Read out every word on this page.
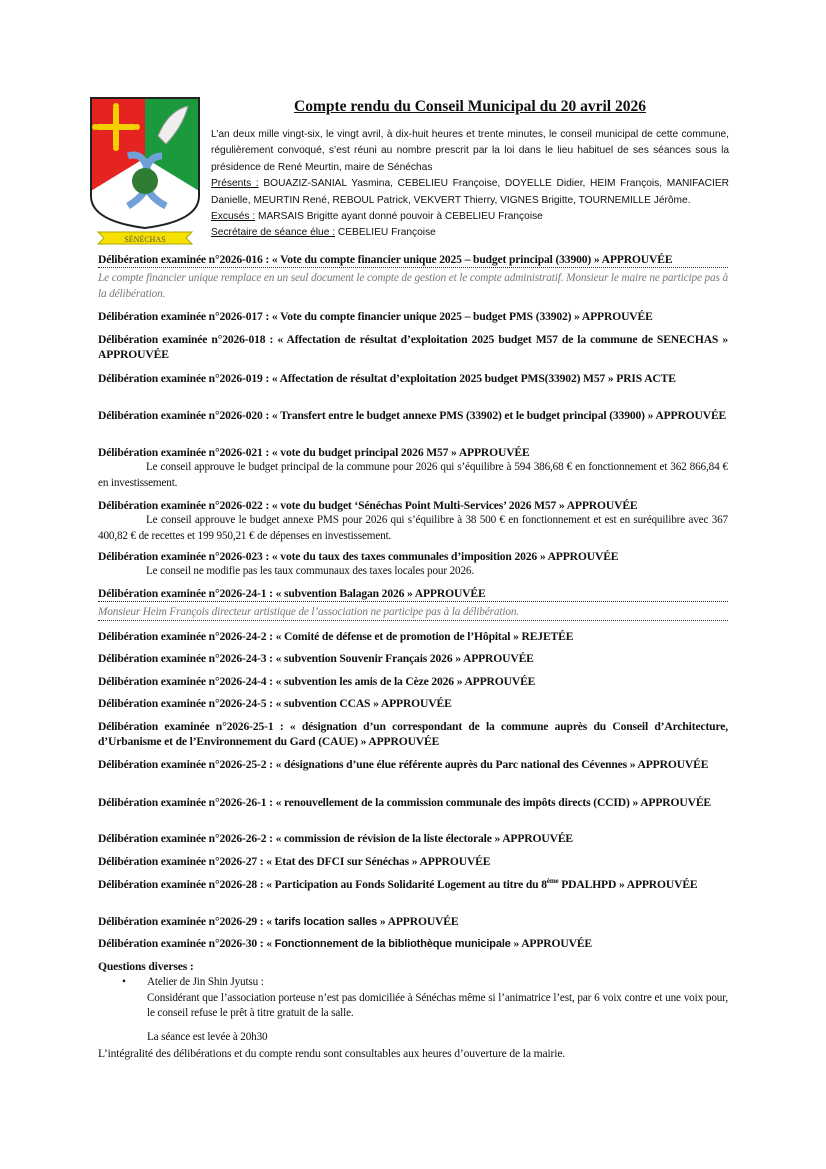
SÉNÉCHAS
Compte rendu du Conseil Municipal du 20 avril 2026
L’an deux mille vingt-six, le vingt avril, à dix-huit heures et trente minutes, le conseil municipal de cette commune, régulièrement convoqué, s’est réuni au nombre prescrit par la loi dans le lieu habituel de ses séances sous la présidence de René Meurtin, maire de Sénéchas
Présents : BOUAZIZ-SANIAL Yasmina, CEBELIEU Françoise, DOYELLE Didier, HEIM François, MANIFACIER Danielle, MEURTIN René, REBOUL Patrick, VEKVERT Thierry, VIGNES Brigitte, TOURNEMILLE Jérôme.
Excusés : MARSAIS Brigitte ayant donné pouvoir à CEBELIEU Françoise
Secrétaire de séance élue : CEBELIEU Françoise
Délibération examinée n°2026-016 : « Vote du compte financier unique 2025 – budget principal (33900) » APPROUVÉE
Le compte financier unique remplace en un seul document le compte de gestion et le compte administratif. Monsieur le maire ne participe pas à la délibération.
Délibération examinée n°2026-017 : « Vote du compte financier unique 2025 – budget PMS (33902) » APPROUVÉE
Délibération examinée n°2026-018 : « Affectation de résultat d’exploitation 2025 budget M57 de la commune de SENECHAS » APPROUVÉE
Délibération examinée n°2026-019 : « Affectation de résultat d’exploitation 2025 budget PMS(33902) M57 » PRIS ACTE
Délibération examinée n°2026-020 : « Transfert entre le budget annexe PMS (33902) et le budget principal (33900) » APPROUVÉE
Délibération examinée n°2026-021 : « vote du budget principal 2026 M57 » APPROUVÉE
Le conseil approuve le budget principal de la commune pour 2026 qui s’équilibre à 594 386,68 € en fonctionnement et 362 866,84 € en investissement.
Délibération examinée n°2026-022 : « vote du budget ‘Sénéchas Point Multi-Services’ 2026 M57 » APPROUVÉE
Le conseil approuve le budget annexe PMS pour 2026 qui s’équilibre à 38 500 € en fonctionnement et est en suréquilibre avec 367 400,82 € de recettes et 199 950,21 € de dépenses en investissement.
Délibération examinée n°2026-023 : « vote du taux des taxes communales d’imposition 2026 » APPROUVÉE
Le conseil ne modifie pas les taux communaux des taxes locales pour 2026.
Délibération examinée n°2026-24-1 : « subvention Balagan 2026 » APPROUVÉE
Monsieur Heim François directeur artistique de l’association ne participe pas à la délibération.
Délibération examinée n°2026-24-2 : « Comité de défense et de promotion de l’Hôpital » REJETÉE
Délibération examinée n°2026-24-3 : « subvention Souvenir Français 2026 » APPROUVÉE
Délibération examinée n°2026-24-4 : « subvention les amis de la Cèze 2026 » APPROUVÉE
Délibération examinée n°2026-24-5 : « subvention CCAS » APPROUVÉE
Délibération examinée n°2026-25-1 : « désignation d’un correspondant de la commune auprès du Conseil d’Architecture, d’Urbanisme et de l’Environnement du Gard (CAUE) » APPROUVÉE
Délibération examinée n°2026-25-2 : « désignations d’une élue référente auprès du Parc national des Cévennes » APPROUVÉE
Délibération examinée n°2026-26-1 : « renouvellement de la commission communale des impôts directs (CCID) » APPROUVÉE
Délibération examinée n°2026-26-2 : « commission de révision de la liste électorale » APPROUVÉE
Délibération examinée n°2026-27 : « Etat des DFCI sur Sénéchas » APPROUVÉE
Délibération examinée n°2026-28 : « Participation au Fonds Solidarité Logement au titre du 8ème PDALHPD » APPROUVÉE
Délibération examinée n°2026-29 : « tarifs location salles » APPROUVÉE
Délibération examinée n°2026-30 : « Fonctionnement de la bibliothèque municipale » APPROUVÉE
Questions diverses :
• Atelier de Jin Shin Jyutsu :
Considérant que l’association porteuse n’est pas domiciliée à Sénéchas même si l’animatrice l’est, par 6 voix contre et une voix pour, le conseil refuse le prêt à titre gratuit de la salle.
La séance est levée à 20h30
L’intégralité des délibérations et du compte rendu sont consultables aux heures d’ouverture de la mairie.
